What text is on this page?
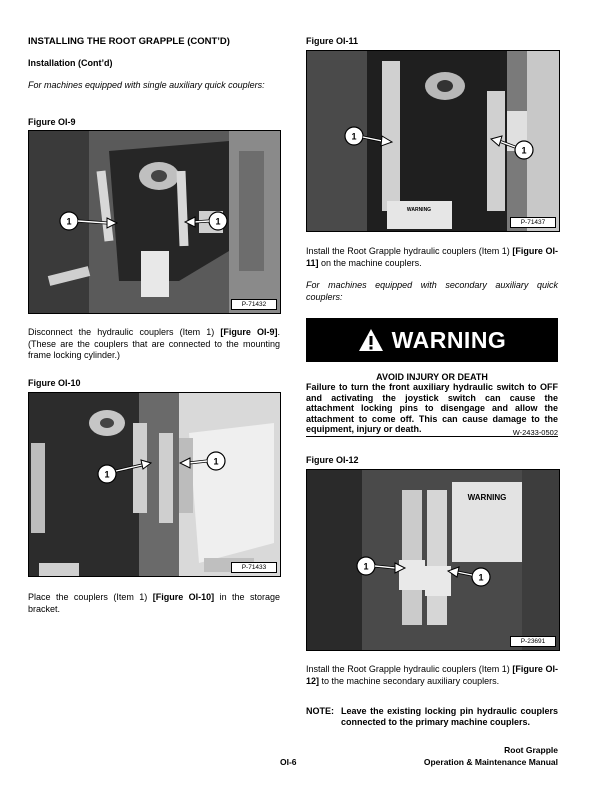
INSTALLING THE ROOT GRAPPLE (CONT’D)
Installation (Cont’d)
For machines equipped with single auxiliary quick couplers:
Figure OI-9
1	1
P-71432
Disconnect the hydraulic couplers (Item 1) [Figure OI-9]. (These are the couplers that are connected to the mounting frame locking cylinder.)
Figure OI-10
1
1
P-71433
Place the couplers (Item 1) [Figure OI-10] in the storage bracket.
Figure OI-11
WARNING
1
1
P-71437
Install the Root Grapple hydraulic couplers (Item 1) [Figure OI-11] on the machine couplers.
For machines equipped with secondary auxiliary quick couplers:
WARNING
AVOID INJURY OR DEATH
Failure to turn the front auxiliary hydraulic switch to OFF and activating the joystick switch can cause the attachment locking pins to disengage and allow the attachment to come off. This can cause damage to the equipment, injury or death.	W-2433-0502
Figure OI-12
WARNING
1
1
P-23691
Install the Root Grapple hydraulic couplers (Item 1) [Figure OI-12] to the machine secondary auxiliary couplers.
NOTE: Leave the existing locking pin hydraulic couplers connected to the primary machine couplers.
OI-6
Root Grapple
Operation & Maintenance Manual
